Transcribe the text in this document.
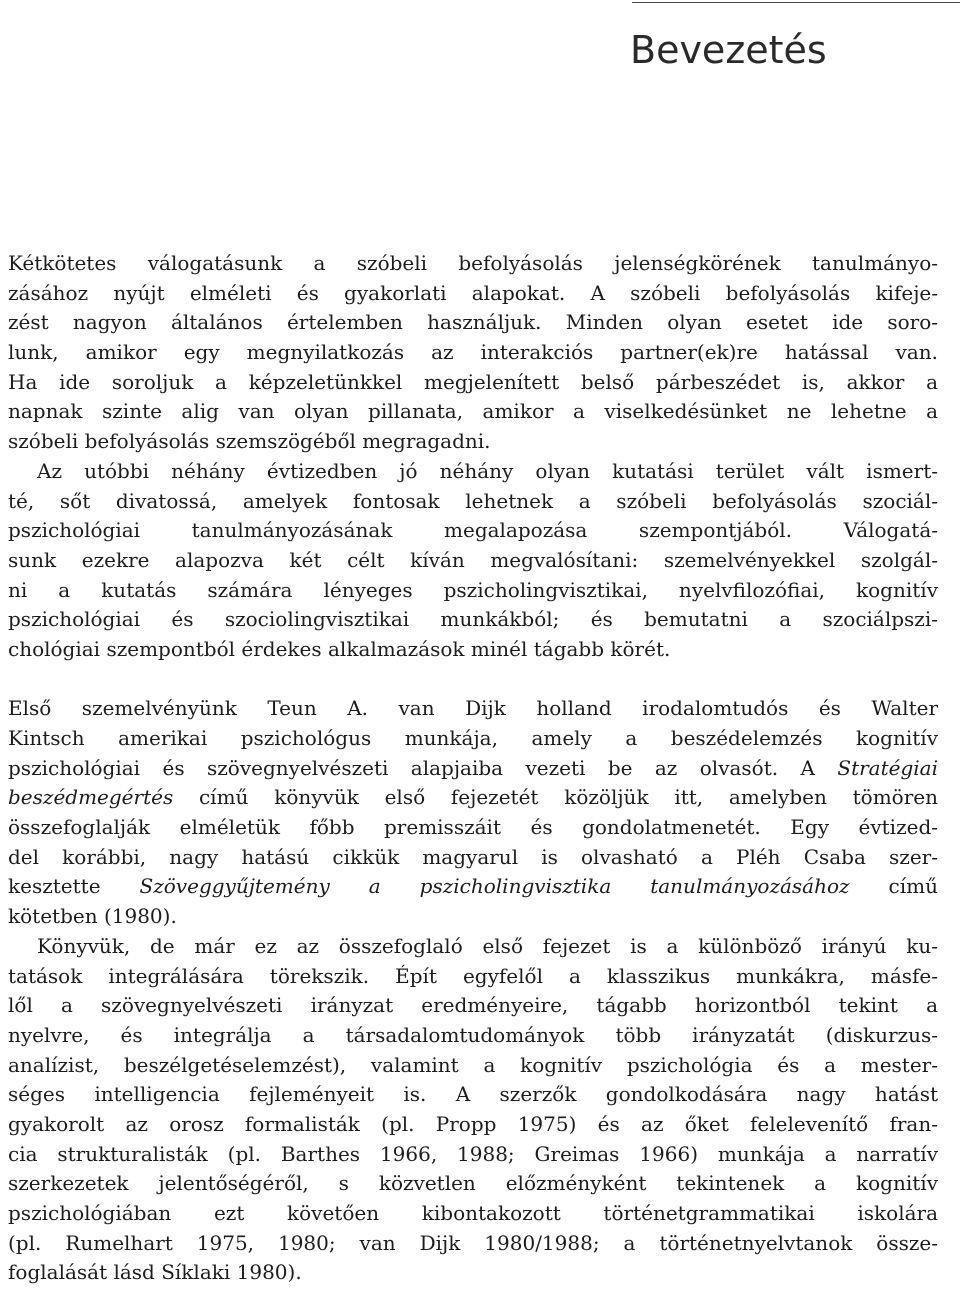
Bevezetés
Kétkötetes válogatásunk a szóbeli befolyásolás jelenségkörének tanulmányo-
zásához nyújt elméleti és gyakorlati alapokat. A szóbeli befolyásolás kifeje-
zést nagyon általános értelemben használjuk. Minden olyan esetet ide soro-
lunk, amikor egy megnyilatkozás az interakciós partner(ek)re hatással van.
Ha ide soroljuk a képzeletünkkel megjelenített belső párbeszédet is, akkor a
napnak szinte alig van olyan pillanata, amikor a viselkedésünket ne lehetne a
szóbeli befolyásolás szemszögéből megragadni.
Az utóbbi néhány évtizedben jó néhány olyan kutatási terület vált ismert-
té, sőt divatossá, amelyek fontosak lehetnek a szóbeli befolyásolás szociál-
pszichológiai tanulmányozásának megalapozása szempontjából. Válogatá-
sunk ezekre alapozva két célt kíván megvalósítani: szemelvényekkel szolgál-
ni a kutatás számára lényeges pszicholingvisztikai, nyelvfilozófiai, kognitív
pszichológiai és szociolingvisztikai munkákból; és bemutatni a szociálpszi-
chológiai szempontból érdekes alkalmazások minél tágabb körét.
Első szemelvényünk Teun A. van Dijk holland irodalomtudós és Walter
Kintsch amerikai pszichológus munkája, amely a beszédelemzés kognitív
pszichológiai és szövegnyelvészeti alapjaiba vezeti be az olvasót. A Stratégiai
beszédmegértés című könyvük első fejezetét közöljük itt, amelyben tömören
összefoglalják elméletük főbb premisszáit és gondolatmenetét. Egy évtized-
del korábbi, nagy hatású cikkük magyarul is olvasható a Pléh Csaba szer-
kesztette Szöveggyűjtemény a pszicholingvisztika tanulmányozásához című
kötetben (1980).
Könyvük, de már ez az összefoglaló első fejezet is a különböző irányú ku-
tatások integrálására törekszik. Épít egyfelől a klasszikus munkákra, másfe-
lől a szövegnyelvészeti irányzat eredményeire, tágabb horizontból tekint a
nyelvre, és integrálja a társadalomtudományok több irányzatát (diskurzus-
analízist, beszélgetéselemzést), valamint a kognitív pszichológia és a mester-
séges intelligencia fejleményeit is. A szerzők gondolkodására nagy hatást
gyakorolt az orosz formalisták (pl. Propp 1975) és az őket felelevenítő fran-
cia strukturalisták (pl. Barthes 1966, 1988; Greimas 1966) munkája a narratív
szerkezetek jelentőségéről, s közvetlen előzményként tekintenek a kognitív
pszichológiában ezt követően kibontakozott történetgrammatikai iskolára
(pl. Rumelhart 1975, 1980; van Dijk 1980/1988; a történetnyelvtanok össze-
foglalását lásd Síklaki 1980).
